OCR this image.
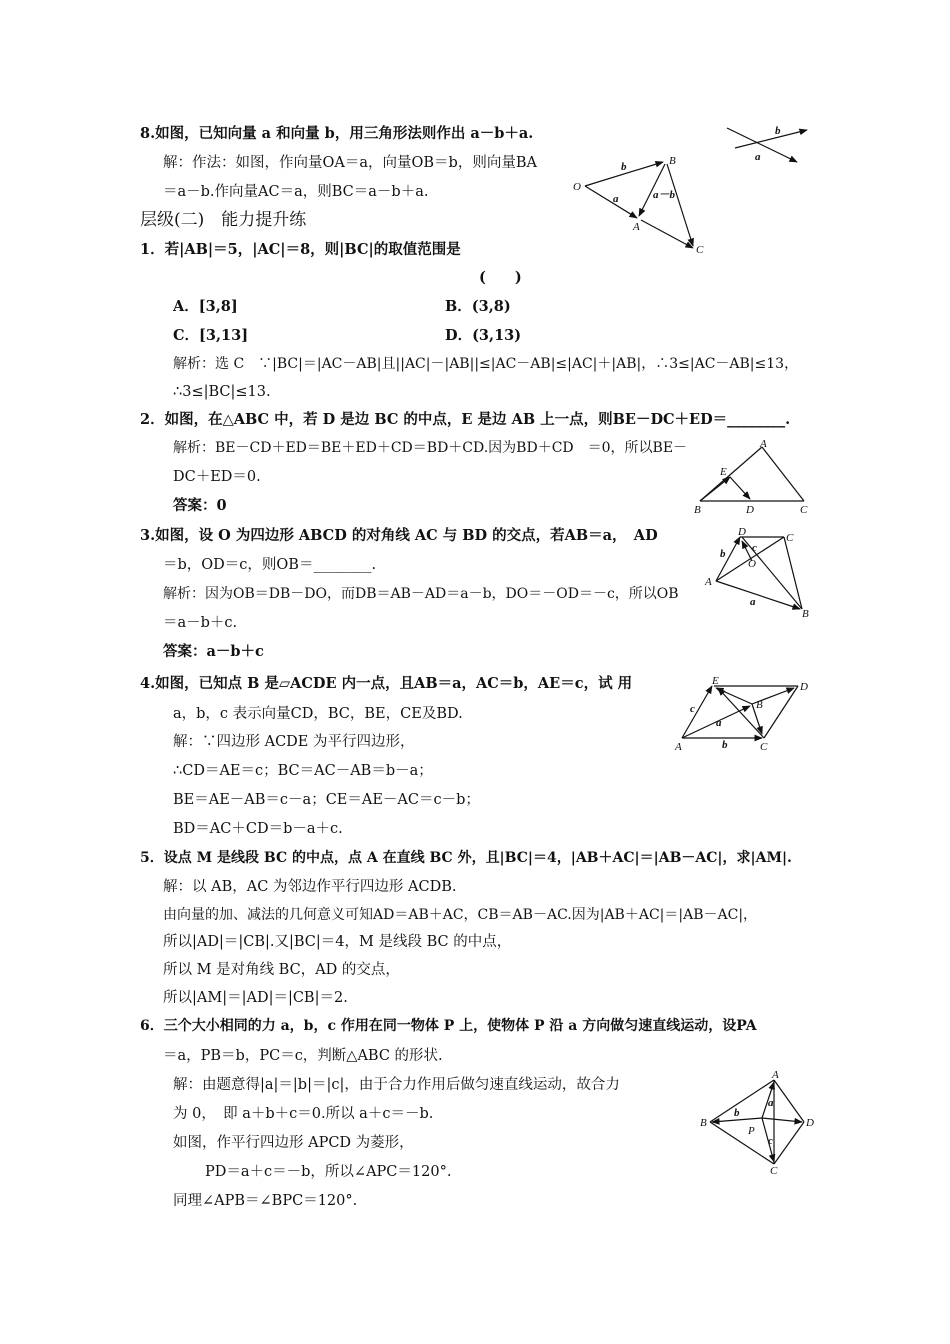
8.如图，已知向量 a 和向量 b，用三角形法则作出 a－b＋a.
解：作法：如图，作向量OA＝a，向量OB＝b，则向量BA
＝a－b.作向量AC＝a，则BC＝a－b＋a.
层级(二)　能力提升练
1．若|AB|＝5，|AC|＝8，则|BC|的取值范围是
(　　)
A．[3,8]	B．(3,8)
C．[3,13]	D．(3,13)
解析：选 C　∵|BC|＝|AC－AB|且||AC|－|AB||≤|AC－AB|≤|AC|＋|AB|，∴3≤|AC－AB|≤13，
∴3≤|BC|≤13.
2．如图，在△ABC 中，若 D 是边 BC 的中点，E 是边 AB 上一点，则BE－DC＋ED＝________.
解析：BE－CD＋ED＝BE＋ED＋CD＝BD＋CD.因为BD＋CD　＝0，所以BE－
DC＋ED＝0.
答案：0
3.如图，设 O 为四边形 ABCD 的对角线 AC 与 BD 的交点，若AB＝a，　AD
＝b，OD＝c，则OB＝________.
解析：因为OB＝DB－DO，而DB＝AB－AD＝a－b，DO＝－OD＝－c，所以OB
＝a－b＋c.
答案：a－b＋c
4.如图，已知点 B 是▱ACDE 内一点，且AB＝a，AC＝b，AE＝c，试 用
a，b，c 表示向量CD，BC，BE，CE及BD.
解：∵四边形 ACDE 为平行四边形，
∴CD＝AE＝c；BC＝AC－AB＝b－a；
BE＝AE－AB＝c－a；CE＝AE－AC＝c－b；
BD＝AC＋CD＝b－a＋c.
5．设点 M 是线段 BC 的中点，点 A 在直线 BC 外，且|BC|＝4，|AB＋AC|＝|AB－AC|，求|AM|.
解：以 AB，AC 为邻边作平行四边形 ACDB.
由向量的加、减法的几何意义可知AD＝AB＋AC，CB＝AB－AC.因为|AB＋AC|＝|AB－AC|，
所以|AD|＝|CB|.又|BC|＝4，M 是线段 BC 的中点，
所以 M 是对角线 BC，AD 的交点，
所以|AM|＝|AD|＝|CB|＝2.
6．三个大小相同的力 a，b，c 作用在同一物体 P 上，使物体 P 沿 a 方向做匀速直线运动，设PA
＝a，PB＝b，PC＝c，判断△ABC 的形状.
解：由题意得|a|＝|b|＝|c|，由于合力作用后做匀速直线运动，故合力
为 0，　即 a＋b＋c＝0.所以 a＋c＝－b.
如图，作平行四边形 APCD 为菱形，
PD＝a＋c＝－b，所以∠APC＝120°.
同理∠APB＝∠BPC＝120°.
b
a
O
B
A
C
b
a	a－b
A
E
B	D	C
D	C
A
O
B
b c
a
E	D
B
A	C
c
a
b
A
B	D
C
P
a
b
c
